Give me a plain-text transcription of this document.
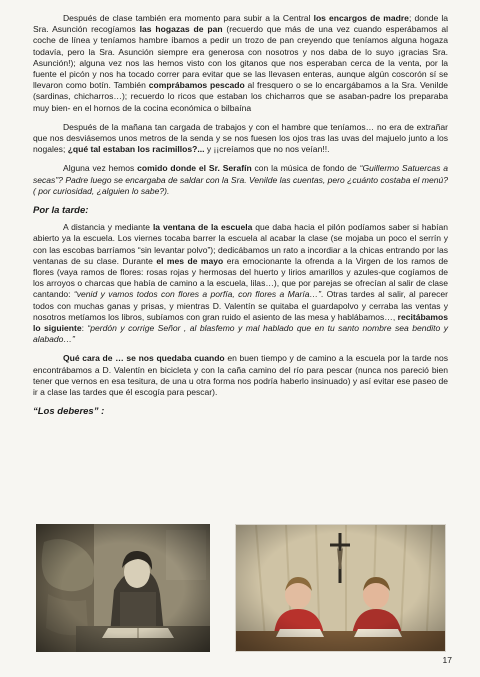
Después de clase también era momento para subir a la Central los encargos de madre; donde la Sra. Asunción recogíamos las hogazas de pan (recuerdo que más de una vez cuando esperábamos al coche de línea y teníamos hambre íbamos a pedir un trozo de pan creyendo que teníamos alguna hogaza todavía, pero la Sra. Asunción siempre era generosa con nosotros y nos daba de lo suyo ¡gracias Sra. Asunción!); alguna vez nos las hemos visto con los gitanos que nos esperaban cerca de la venta, por la fuente el picón y nos ha tocado correr para evitar que se las llevasen enteras, aunque algún coscorón sí se llevaron como botín. También comprábamos pescado al fresquero o se lo encargábamos a la Sra. Venilde (sardinas, chicharros…); recuerdo lo ricos que estaban los chicharros que se asaban-padre los preparaba muy bien- en el hornos de la cocina económica o bilbaína

Después de la mañana tan cargada de trabajos y con el hambre que teníamos… no era de extrañar que nos desviásemos unos metros de la senda y se nos fuesen los ojos tras las uvas del majuelo junto a los nogales; ¿qué tal estaban los racimillos?... y ¡¡creíamos que no nos veían!!.

Alguna vez hemos comido donde el Sr. Serafín con la música de fondo de “Guillermo Satuercas a secas”? Padre luego se encargaba de saldar con la Sra. Venilde las cuentas, pero ¿cuánto costaba el menú? ( por curiosidad, ¿alguien lo sabe?).

Por la tarde:

A distancia y mediante la ventana de la escuela que daba hacia el pilón podíamos saber si habían abierto ya la escuela. Los viernes tocaba barrer la escuela al acabar la clase (se mojaba un poco el serrín y con las escobas barríamos “sin levantar polvo”); dedicábamos un rato a incordiar a la chicas entrando por las ventanas de su clase. Durante el mes de mayo era emocionante la ofrenda a la Virgen de los ramos de flores (vaya ramos de flores: rosas rojas y hermosas del huerto y lirios amarillos y azules-que cogíamos de los arroyos o charcas que había de camino a la escuela, lilas…), que por parejas se ofrecían al salir de clase cantando: “venid y vamos todos con flores a porfía, con flores a María…”. Otras tardes al salir, al parecer todos con muchas ganas y prisas, y mientras D. Valentín se quitaba el guardapolvo y cerraba las ventas y nosotros metíamos los libros, subíamos con gran ruido el asiento de las mesa y hablábamos…, recitábamos lo siguiente: “perdón y corrige Señor , al blasfemo y mal hablado que en tu santo nombre sea bendito y alabado…”

Qué cara de … se nos quedaba cuando en buen tiempo y de camino a la escuela por la tarde nos encontrábamos a D. Valentín en bicicleta y con la caña camino del río para pescar (nunca nos pareció bien tener que vernos en esa tesitura, de una u otra forma nos podría haberlo insinuado) y así evitar ese paseo de ir a clase las tardes que él escogía para pescar).

“Los deberes” :

17
